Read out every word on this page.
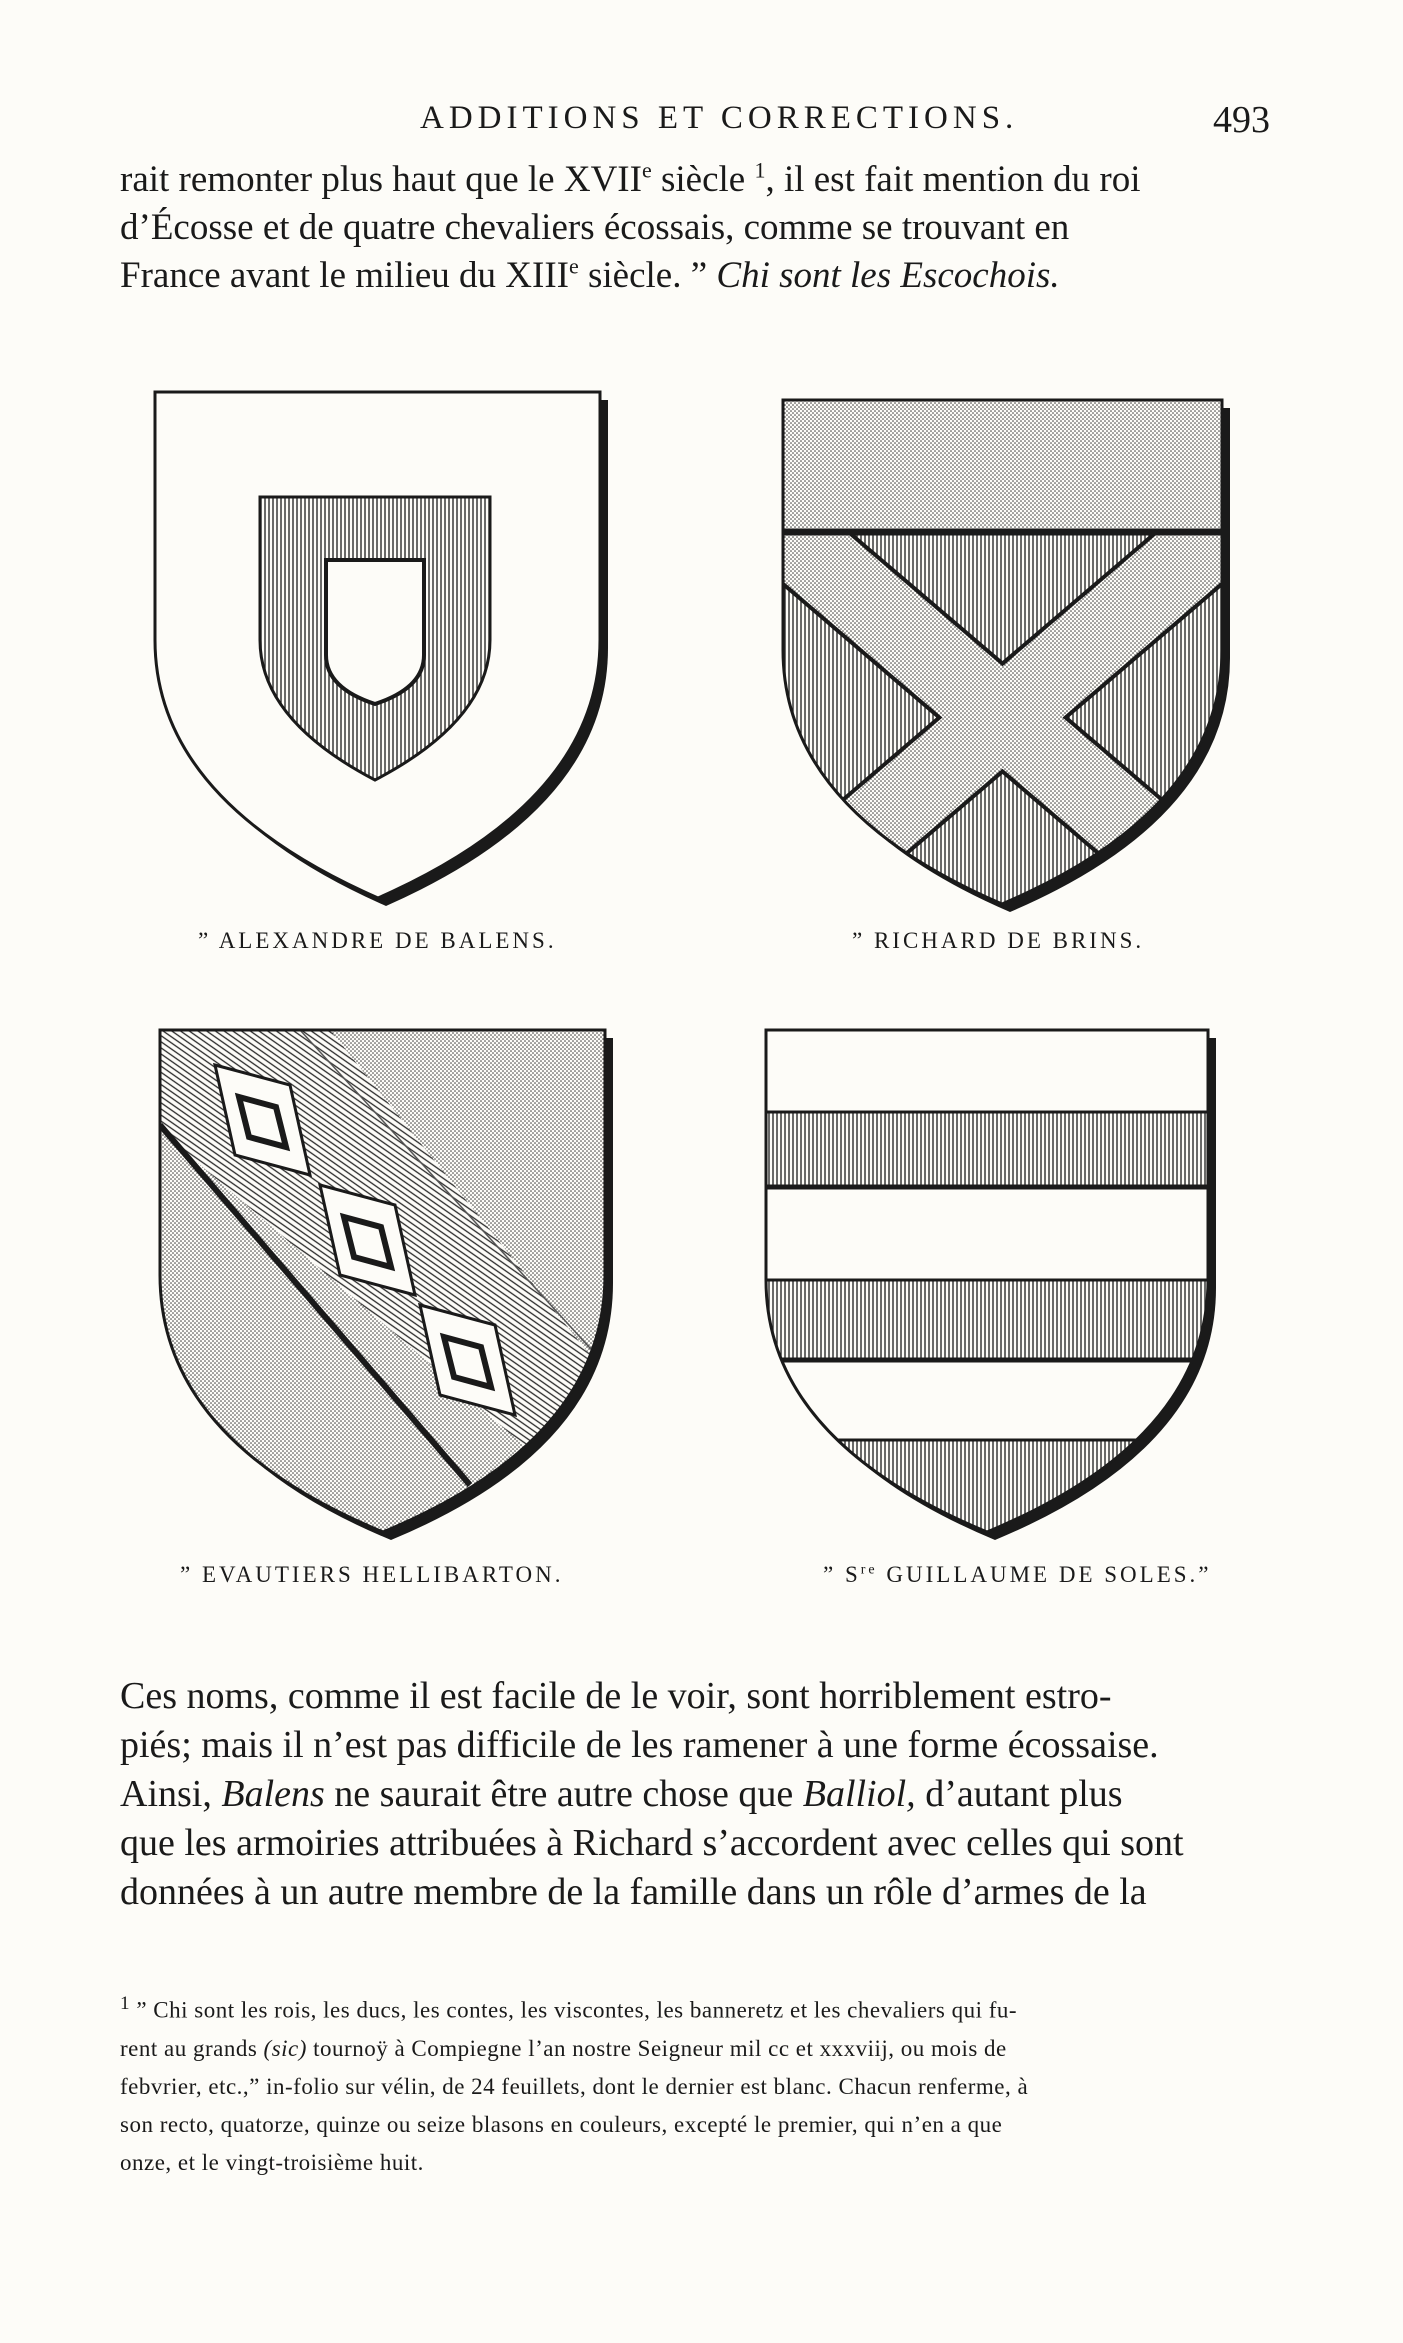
ADDITIONS ET CORRECTIONS.	493
rait remonter plus haut que le XVIIe siècle $^1$, il est fait mention du roi
d’Écosse et de quatre chevaliers écossais, comme se trouvant en
France avant le milieu du XIIIe siècle. ” Chi sont les Escochois.
” ALEXANDRE DE BALENS.	” RICHARD DE BRINS.
” EVAUTIERS HELLIBARTON.	” $S^{re}$ GUILLAUME DE SOLES.”
Ces noms, comme il est facile de le voir, sont horriblement estro-
piés; mais il n’est pas difficile de les ramener à une forme écossaise.
Ainsi, Balens ne saurait être autre chose que Balliol, d’autant plus
que les armoiries attribuées à Richard s’accordent avec celles qui sont
données à un autre membre de la famille dans un rôle d’armes de la
$^1$ ” Chi sont les rois, les ducs, les contes, les viscontes, les banneretz et les chevaliers qui fu-
rent au grands (sic) tournoÿ à Compiegne l’an nostre Seigneur mil cc et xxxviij, ou mois de
febvrier, etc.,” in-folio sur vélin, de 24 feuillets, dont le dernier est blanc. Chacun renferme, à
son recto, quatorze, quinze ou seize blasons en couleurs, excepté le premier, qui n’en a que
onze, et le vingt-troisième huit.
